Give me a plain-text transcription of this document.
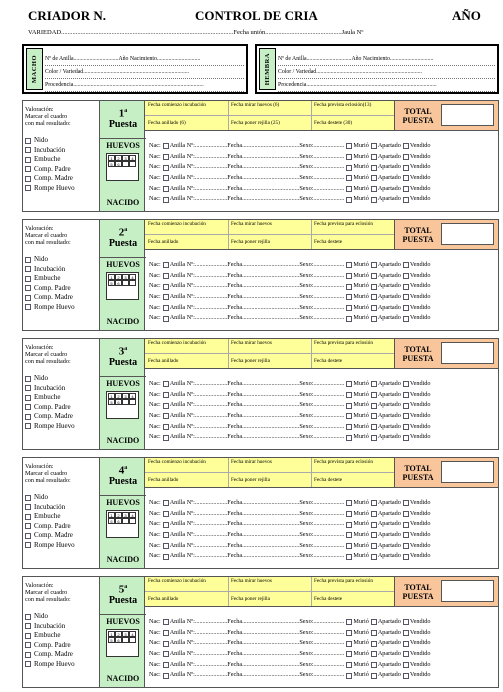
CRIADOR N.	CONTROL DE CRIA	AÑO
VARIEDAD..........................................................................................................Fecha unión...............................................Jaula Nº
MACHO Nº de Anilla...............................Año Nacimiento..............................
Color / Variedad.........................................................................
Procedencia..........................................................................................	HEMBRA Nº de Anilla...............................Año Nacimiento..............................
Color / Variedad.........................................................................
Procedencia..........................................................................................
Valoración:
Marcar el cuadro
con mal resultado:
Nido
Incubación
Embuche
Comp. Padre
Comp. Madre
Rompe Huevo
1$^a$
Puesta
HUEVOS
1	2	3	4
5	6
NACIDO
Fecha comienzo incubación	Fecha mirar huevos (6)	Fecha prevista eclosión(13)
Fecha anillado (6)	Fecha poner rejilla (25)	Fecha destete (30)
TOTAL
PUESTA
Nac: Anilla Nº:..................... Fecha..................................... Sexo:.................... Murió Apartado Vendido
Nac: Anilla Nº:..................... Fecha..................................... Sexo:.................... Murió Apartado Vendido
Nac: Anilla Nº:..................... Fecha..................................... Sexo:.................... Murió Apartado Vendido
Nac: Anilla Nº:..................... Fecha..................................... Sexo:.................... Murió Apartado Vendido
Nac: Anilla Nº:..................... Fecha..................................... Sexo:.................... Murió Apartado Vendido
Nac: Anilla Nº:..................... Fecha..................................... Sexo:.................... Murió Apartado Vendido
Valoración:
Marcar el cuadro
con mal resultado:
Nido
Incubación
Embuche
Comp. Padre
Comp. Madre
Rompe Huevo
2$^a$
Puesta
HUEVOS
1	2	3	4
5	6
NACIDO
Fecha comienzo incubación	Fecha mirar huevos	Fecha prevista para eclosión
Fecha anillado	Fecha poner rejilla	Fecha destete
TOTAL
PUESTA
Nac: Anilla Nº:..................... Fecha..................................... Sexo:.................... Murió Apartado Vendido
Nac: Anilla Nº:..................... Fecha..................................... Sexo:.................... Murió Apartado Vendido
Nac: Anilla Nº:..................... Fecha..................................... Sexo:.................... Murió Apartado Vendido
Nac: Anilla Nº:..................... Fecha..................................... Sexo:.................... Murió Apartado Vendido
Nac: Anilla Nº:..................... Fecha..................................... Sexo:.................... Murió Apartado Vendido
Nac: Anilla Nº:..................... Fecha..................................... Sexo:.................... Murió Apartado Vendido
Valoración:
Marcar el cuadro
con mal resultado:
Nido
Incubación
Embuche
Comp. Padre
Comp. Madre
Rompe Huevo
3$^a$
Puesta
HUEVOS
1	2	3	4
5	6
NACIDO
Fecha comienzo incubación	Fecha mirar huevos	Fecha prevista para eclosión
Fecha anillado	Fecha poner rejilla	Fecha destete
TOTAL
PUESTA
Nac: Anilla Nº:..................... Fecha..................................... Sexo:.................... Murió Apartado Vendido
Nac: Anilla Nº:..................... Fecha..................................... Sexo:.................... Murió Apartado Vendido
Nac: Anilla Nº:..................... Fecha..................................... Sexo:.................... Murió Apartado Vendido
Nac: Anilla Nº:..................... Fecha..................................... Sexo:.................... Murió Apartado Vendido
Nac: Anilla Nº:..................... Fecha..................................... Sexo:.................... Murió Apartado Vendido
Nac: Anilla Nº:..................... Fecha..................................... Sexo:.................... Murió Apartado Vendido
Valoración:
Marcar el cuadro
con mal resultado:
Nido
Incubación
Embuche
Comp. Padre
Comp. Madre
Rompe Huevo
4$^a$
Puesta
HUEVOS
1	2	3	4
5	6
NACIDO
Fecha comienzo incubación	Fecha mirar huevos	Fecha prevista para eclosión
Fecha anillado	Fecha poner rejilla	Fecha destete
TOTAL
PUESTA
Nac: Anilla Nº:..................... Fecha..................................... Sexo:.................... Murió Apartado Vendido
Nac: Anilla Nº:..................... Fecha..................................... Sexo:.................... Murió Apartado Vendido
Nac: Anilla Nº:..................... Fecha..................................... Sexo:.................... Murió Apartado Vendido
Nac: Anilla Nº:..................... Fecha..................................... Sexo:.................... Murió Apartado Vendido
Nac: Anilla Nº:..................... Fecha..................................... Sexo:.................... Murió Apartado Vendido
Nac: Anilla Nº:..................... Fecha..................................... Sexo:.................... Murió Apartado Vendido
Valoración:
Marcar el cuadro
con mal resultado:
Nido
Incubación
Embuche
Comp. Padre
Comp. Madre
Rompe Huevo
5$^a$
Puesta
HUEVOS
1	2	3	4
5	6
NACIDO
Fecha comienzo incubación	Fecha mirar huevos	Fecha prevista para eclosión
Fecha anillado	Fecha poner rejilla	Fecha destete
TOTAL
PUESTA
Nac: Anilla Nº:..................... Fecha..................................... Sexo:.................... Murió Apartado Vendido
Nac: Anilla Nº:..................... Fecha..................................... Sexo:.................... Murió Apartado Vendido
Nac: Anilla Nº:..................... Fecha..................................... Sexo:.................... Murió Apartado Vendido
Nac: Anilla Nº:..................... Fecha..................................... Sexo:.................... Murió Apartado Vendido
Nac: Anilla Nº:..................... Fecha..................................... Sexo:.................... Murió Apartado Vendido
Nac: Anilla Nº:..................... Fecha..................................... Sexo:.................... Murió Apartado Vendido
